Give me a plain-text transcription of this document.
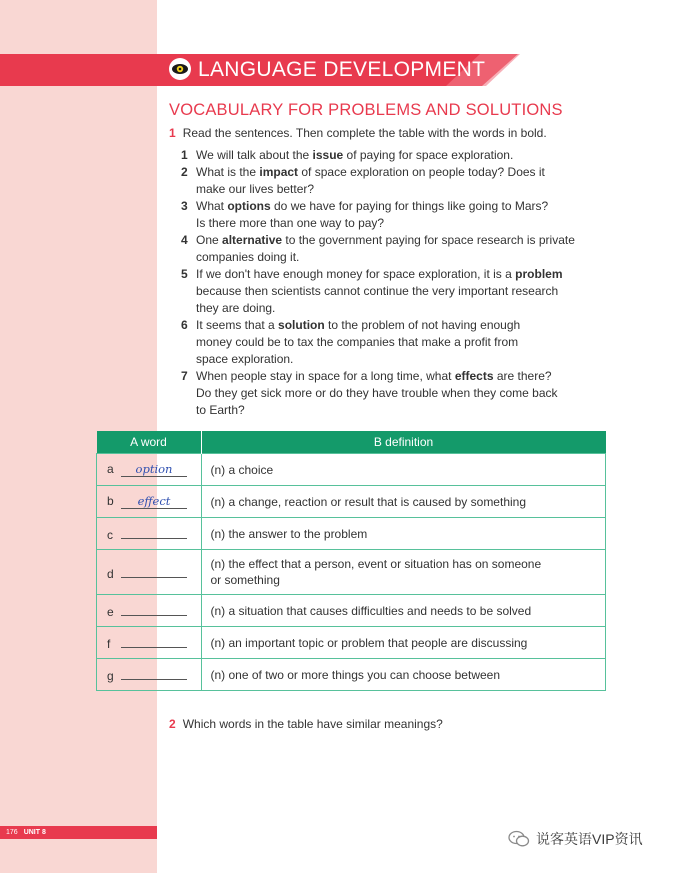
LANGUAGE DEVELOPMENT
VOCABULARY FOR PROBLEMS AND SOLUTIONS
1 Read the sentences. Then complete the table with the words in bold.
1 We will talk about the issue of paying for space exploration.
2 What is the impact of space exploration on people today? Does it
make our lives better?
3 What options do we have for paying for things like going to Mars?
Is there more than one way to pay?
4 One alternative to the government paying for space research is private
companies doing it.
5 If we don't have enough money for space exploration, it is a problem
because then scientists cannot continue the very important research
they are doing.
6 It seems that a solution to the problem of not having enough
money could be to tax the companies that make a profit from
space exploration.
7 When people stay in space for a long time, what effects are there?
Do they get sick more or do they have trouble when they come back
to Earth?
A word	B definition
a option	(n) a choice

b effect	(n) a change, reaction or result that is caused by something

c	(n) the answer to the problem

d	(n) the effect that a person, event or situation has on someone
or something

e	(n) a situation that causes difficulties and needs to be solved

f	(n) an important topic or problem that people are discussing

g	(n) one of two or more things you can choose between
2 Which words in the table have similar meanings?
176 UNIT 8	说客英语VIP资讯
